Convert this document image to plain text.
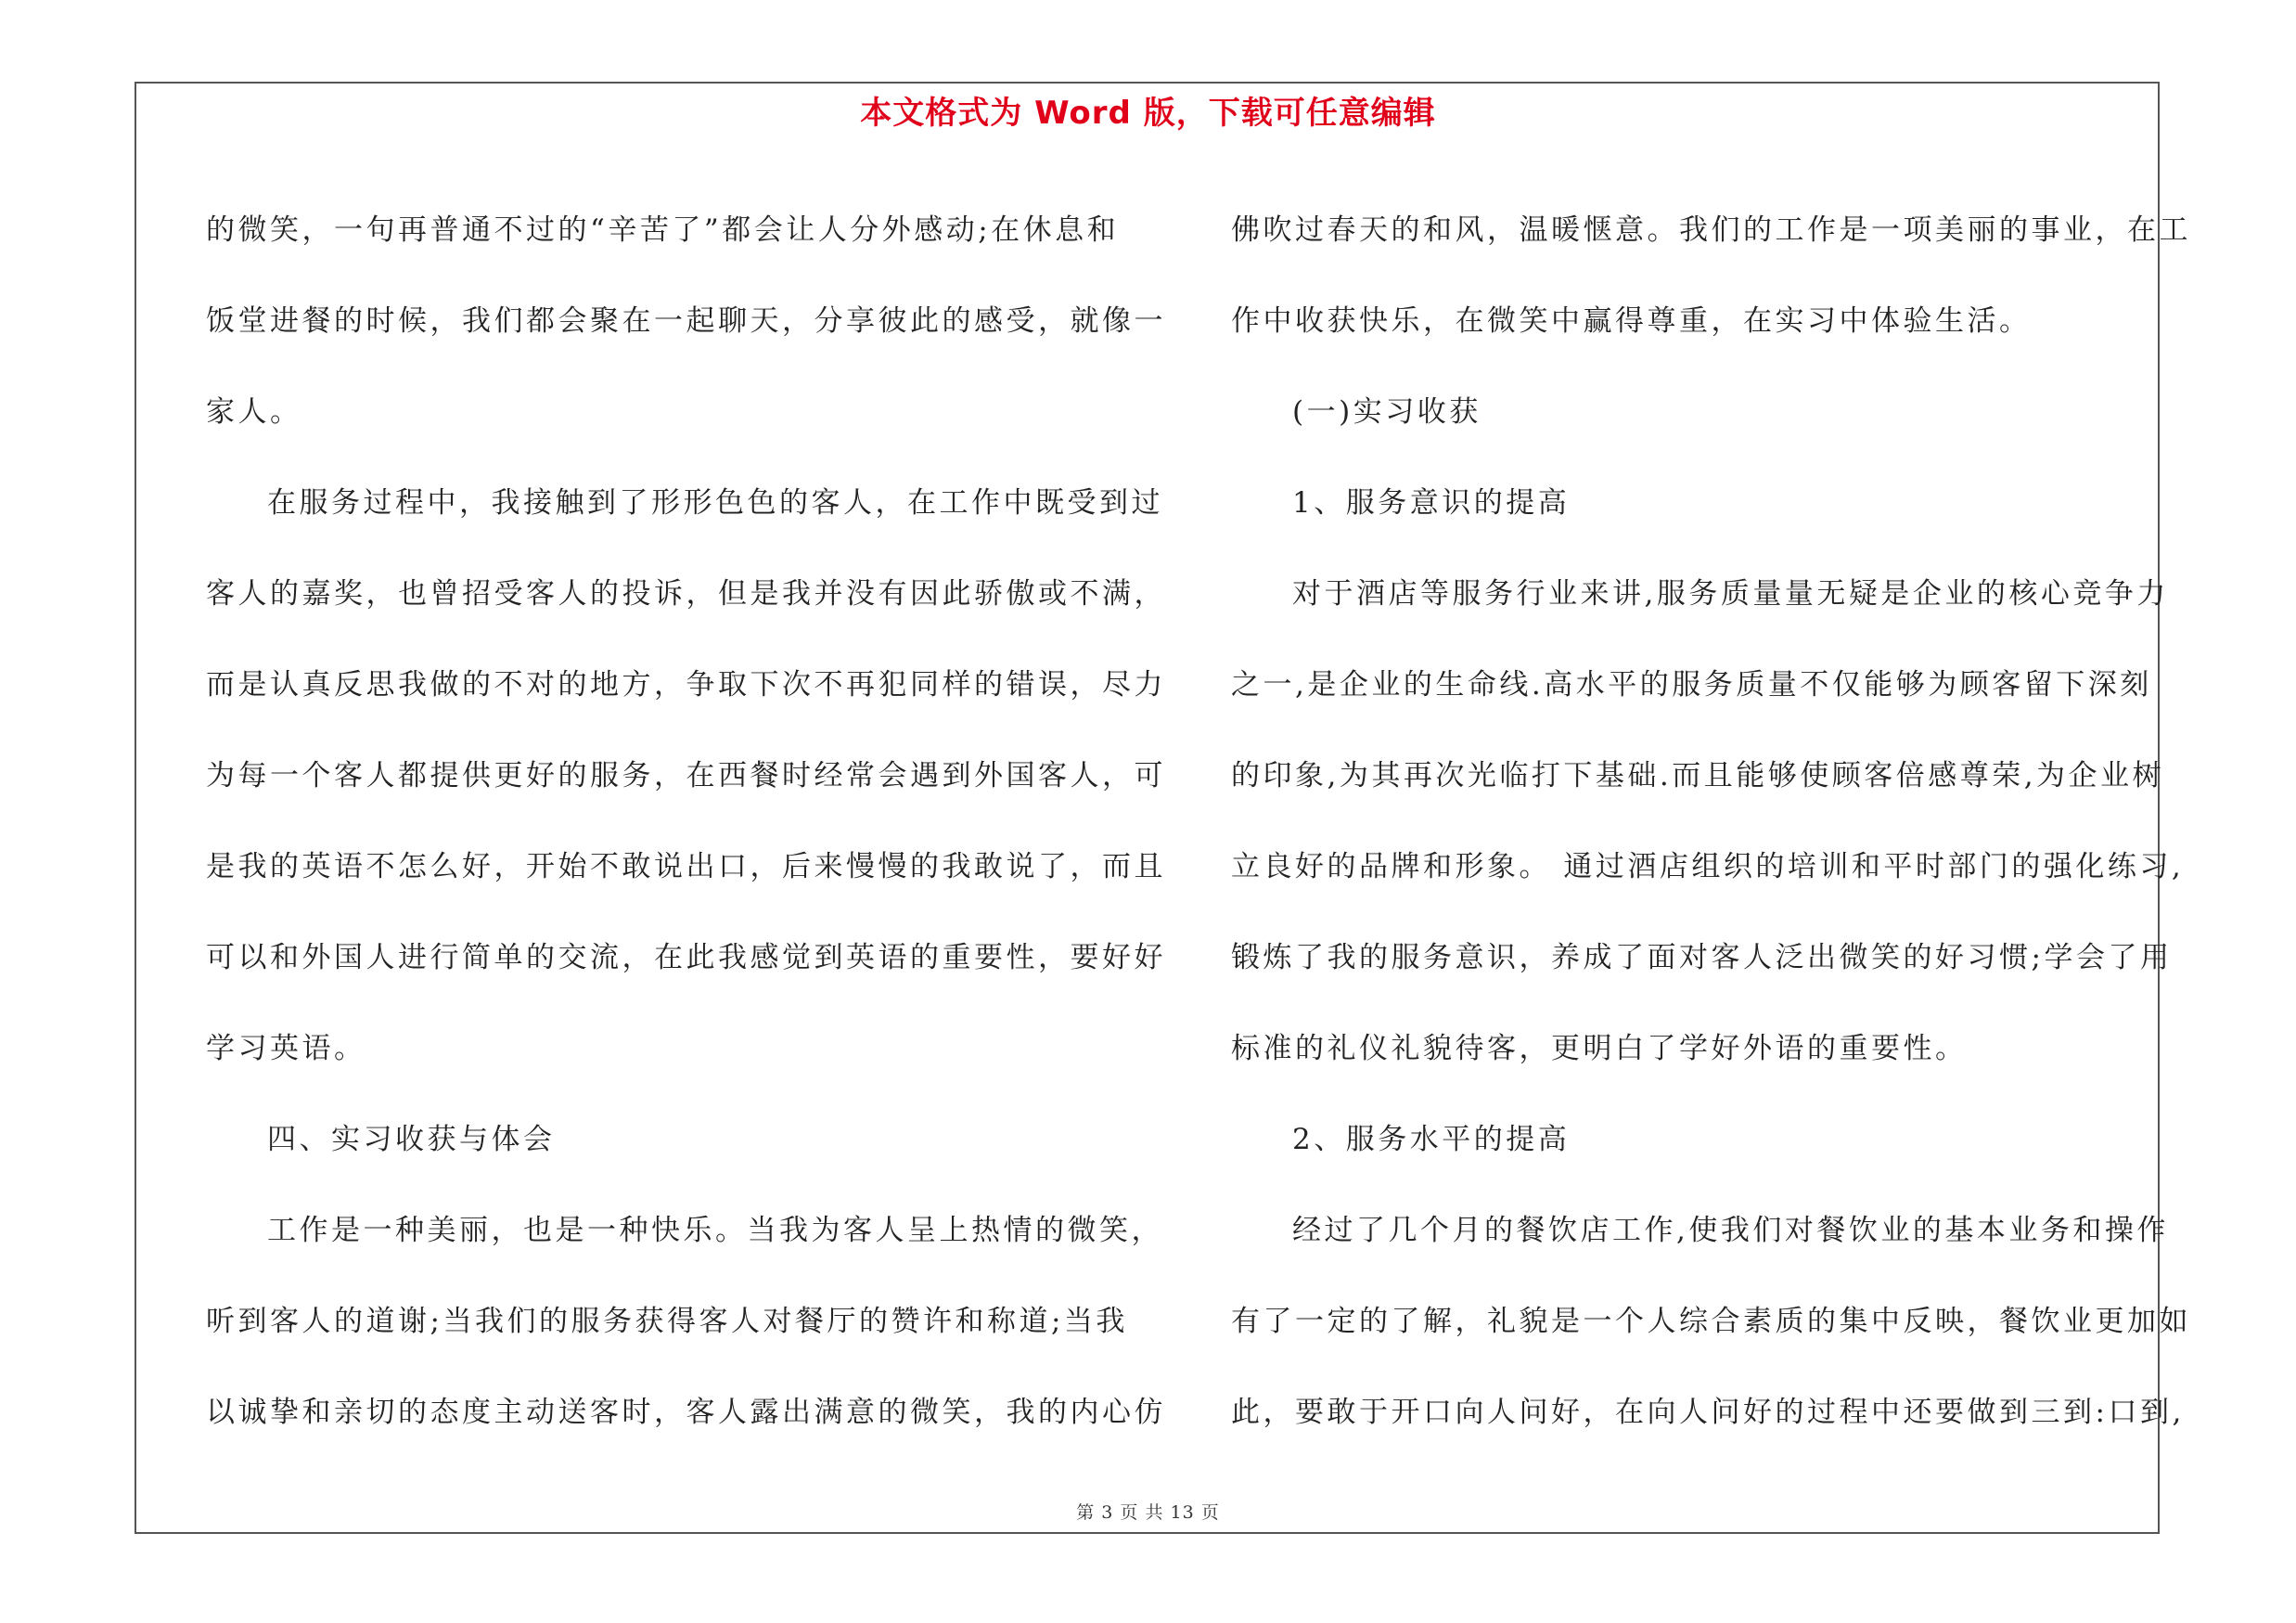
本文格式为 Word 版，下载可任意编辑
的微笑，一句再普通不过的“辛苦了”都会让人分外感动;在休息和
饭堂进餐的时候，我们都会聚在一起聊天，分享彼此的感受，就像一
家人。
在服务过程中，我接触到了形形色色的客人，在工作中既受到过
客人的嘉奖，也曾招受客人的投诉，但是我并没有因此骄傲或不满，
而是认真反思我做的不对的地方，争取下次不再犯同样的错误，尽力
为每一个客人都提供更好的服务，在西餐时经常会遇到外国客人，可
是我的英语不怎么好，开始不敢说出口，后来慢慢的我敢说了，而且
可以和外国人进行简单的交流，在此我感觉到英语的重要性，要好好
学习英语。
四、实习收获与体会
工作是一种美丽，也是一种快乐。当我为客人呈上热情的微笑，
听到客人的道谢;当我们的服务获得客人对餐厅的赞许和称道;当我
以诚挚和亲切的态度主动送客时，客人露出满意的微笑，我的内心仿
佛吹过春天的和风，温暖惬意。我们的工作是一项美丽的事业，在工
作中收获快乐，在微笑中赢得尊重，在实习中体验生活。
(一)实习收获
1、服务意识的提高
对于酒店等服务行业来讲,服务质量量无疑是企业的核心竞争力
之一,是企业的生命线.高水平的服务质量不仅能够为顾客留下深刻
的印象,为其再次光临打下基础.而且能够使顾客倍感尊荣,为企业树
立良好的品牌和形象。 通过酒店组织的培训和平时部门的强化练习,
锻炼了我的服务意识，养成了面对客人泛出微笑的好习惯;学会了用
标准的礼仪礼貌待客，更明白了学好外语的重要性。
2、服务水平的提高
经过了几个月的餐饮店工作,使我们对餐饮业的基本业务和操作
有了一定的了解，礼貌是一个人综合素质的集中反映，餐饮业更加如
此，要敢于开口向人问好，在向人问好的过程中还要做到三到:口到,
第 3 页 共 13 页
